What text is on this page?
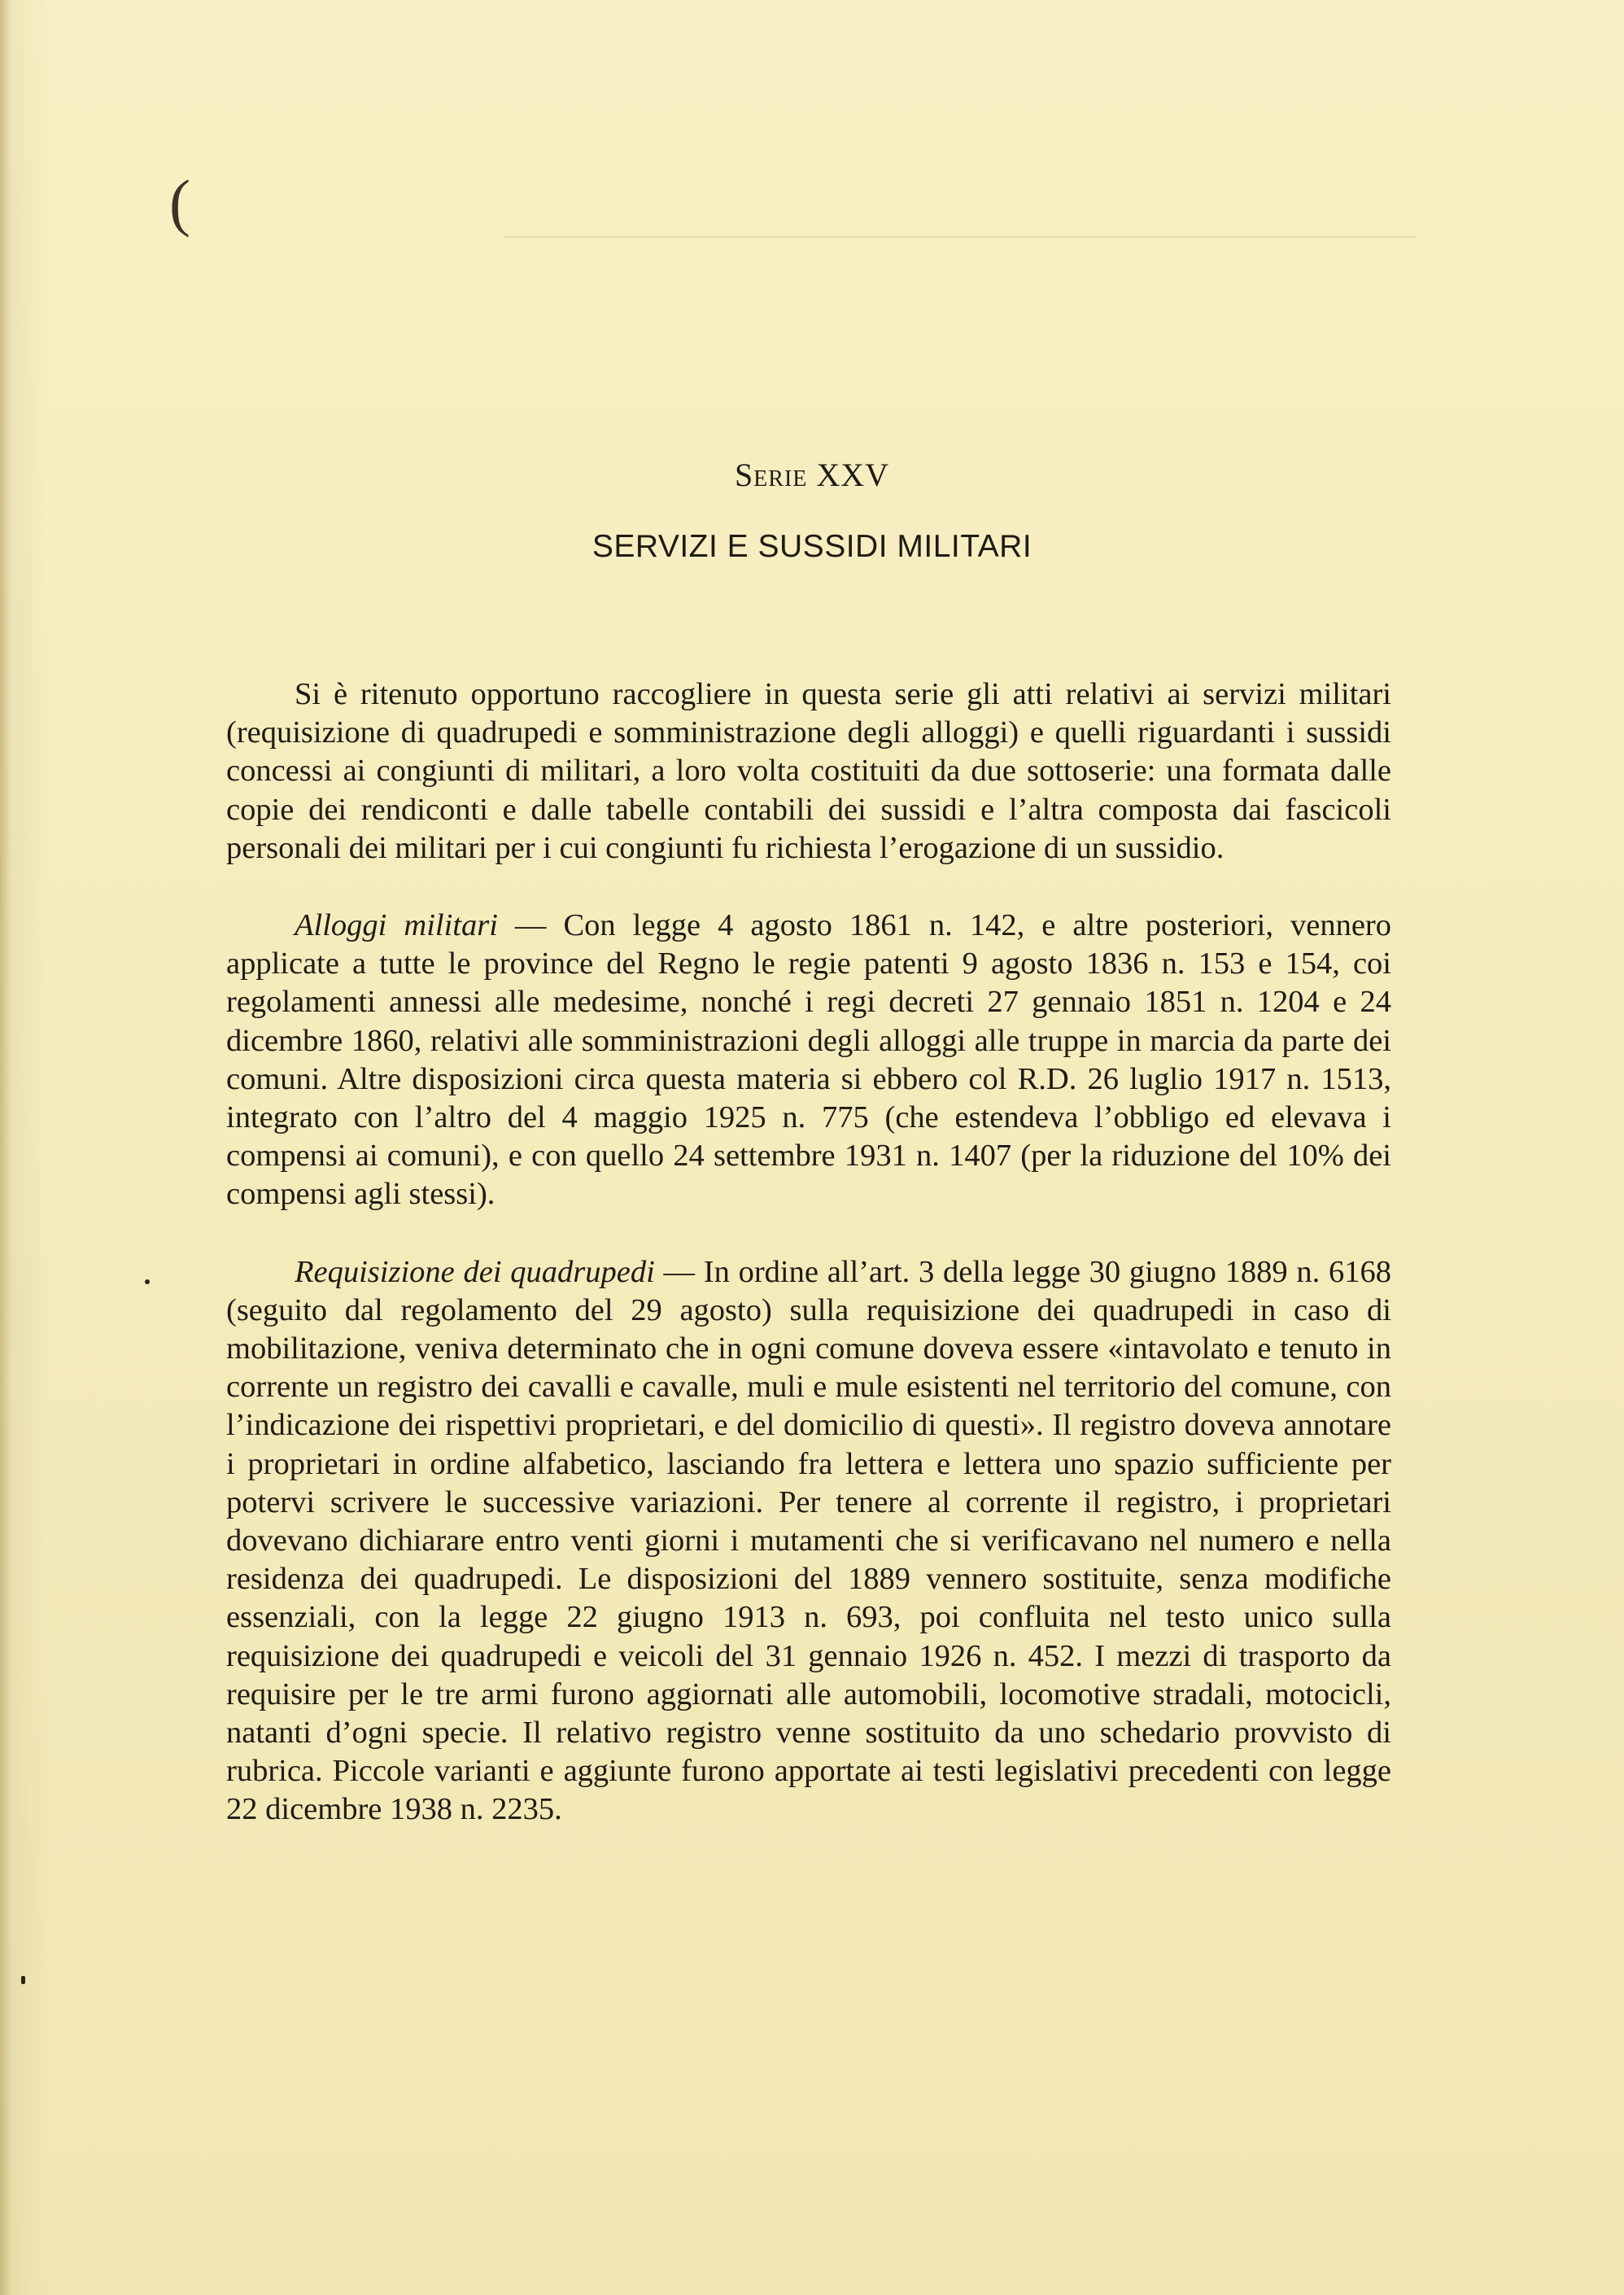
(
Serie XXV
SERVIZI E SUSSIDI MILITARI

Si è ritenuto opportuno raccogliere in questa serie gli atti relativi ai servizi militari (requisizione di quadrupedi e somministrazione degli alloggi) e quelli riguardanti i sussidi concessi ai congiunti di militari, a loro volta costituiti da due sottoserie: una formata dalle copie dei rendiconti e dalle tabelle contabili dei sussidi e l’altra composta dai fascicoli personali dei militari per i cui congiunti fu richiesta l’erogazione di un sussidio.

Alloggi militari — Con legge 4 agosto 1861 n. 142, e altre posteriori, vennero applicate a tutte le province del Regno le regie patenti 9 agosto 1836 n. 153 e 154, coi regolamenti annessi alle medesime, nonché i regi decreti 27 gennaio 1851 n. 1204 e 24 dicembre 1860, relativi alle somministrazioni degli alloggi alle truppe in marcia da parte dei comuni. Altre disposizioni circa questa materia si ebbero col R.D. 26 luglio 1917 n. 1513, integrato con l’altro del 4 maggio 1925 n. 775 (che estendeva l’obbligo ed elevava i compensi ai comuni), e con quello 24 settembre 1931 n. 1407 (per la riduzione del 10% dei compensi agli stessi).

Requisizione dei quadrupedi — In ordine all’art. 3 della legge 30 giugno 1889 n. 6168 (seguito dal regolamento del 29 agosto) sulla requisizione dei quadrupedi in caso di mobilitazione, veniva determinato che in ogni comune doveva essere «intavolato e tenuto in corrente un registro dei cavalli e cavalle, muli e mule esistenti nel territorio del comune, con l’indicazione dei rispettivi proprietari, e del domicilio di questi». Il registro doveva annotare i proprietari in ordine alfabetico, lasciando fra lettera e lettera uno spazio sufficiente per potervi scrivere le successive variazioni. Per tenere al corrente il registro, i proprietari dovevano dichiarare entro venti giorni i mutamenti che si verificavano nel numero e nella residenza dei quadrupedi. Le disposizioni del 1889 vennero sostituite, senza modifiche essenziali, con la legge 22 giugno 1913 n. 693, poi confluita nel testo unico sulla requisizione dei quadrupedi e veicoli del 31 gennaio 1926 n. 452. I mezzi di trasporto da requisire per le tre armi furono aggiornati alle automobili, locomotive stradali, motocicli, natanti d’ogni specie. Il relativo registro venne sostituito da uno schedario provvisto di rubrica. Piccole varianti e aggiunte furono apportate ai testi legislativi precedenti con legge 22 dicembre 1938 n. 2235.
